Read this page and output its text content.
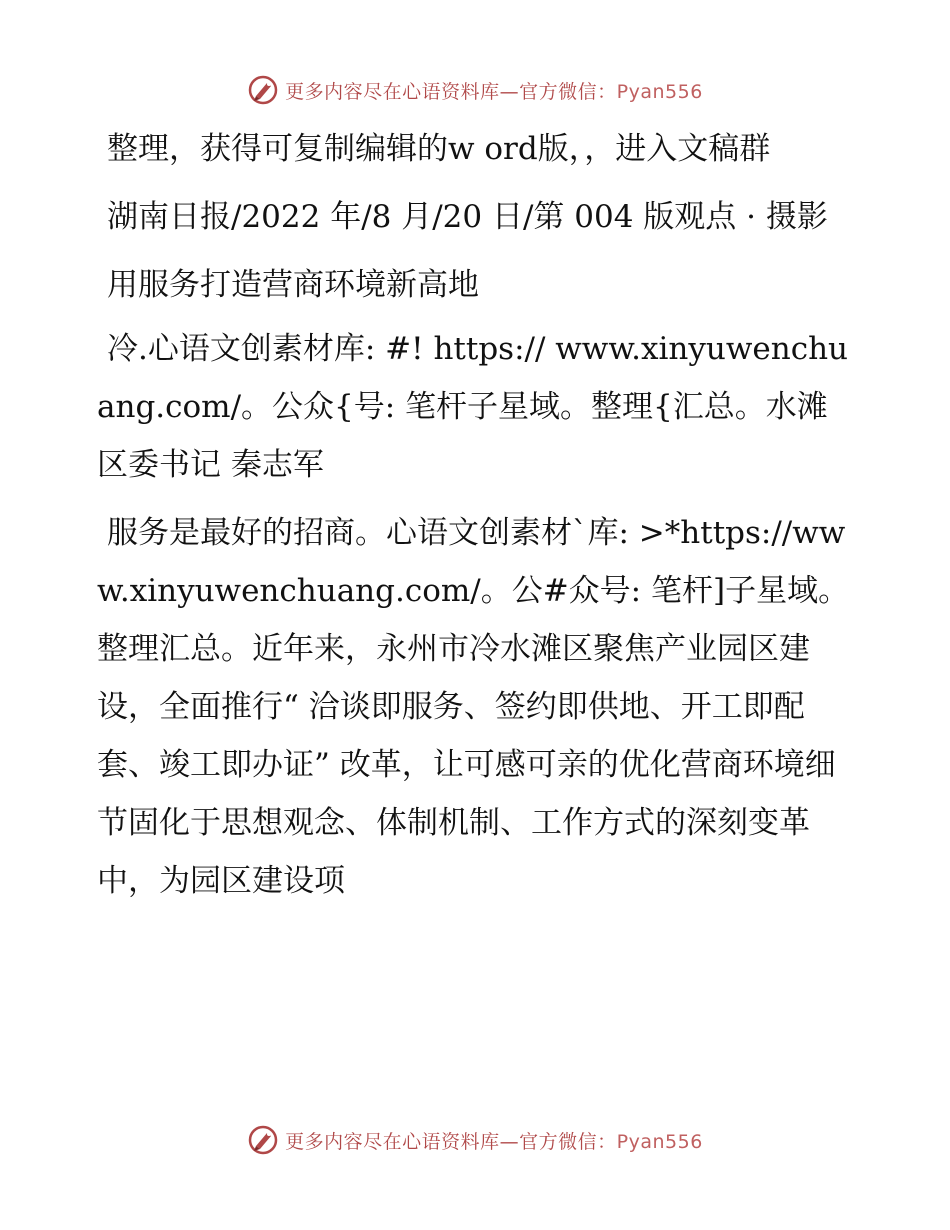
更多内容尽在心语资料库—官方微信：Pyan556

整理，获得可复制编辑的w ord版，，进入文稿群

湖南日报/2022 年/8 月/20 日/第 004 版观点 · 摄影

用服务打造营商环境新高地

冷.心语文创素材库: #! https:// www.xinyuwenchuang.com/。公众{号: 笔杆子星域。整理{汇总。水滩区委书记 秦志军

服务是最好的招商。心语文创素材`库: >*https://www.xinyuwenchuang.com/。公#众号: 笔杆]子星域。整理汇总。近年来，永州市冷水滩区聚焦产业园区建设，全面推行“ 洽谈即服务、签约即供地、开工即配套、竣工即办证” 改革，让可感可亲的优化营商环境细节固化于思想观念、体制机制、工作方式的深刻变革中，为园区建设项

更多内容尽在心语资料库—官方微信：Pyan556
